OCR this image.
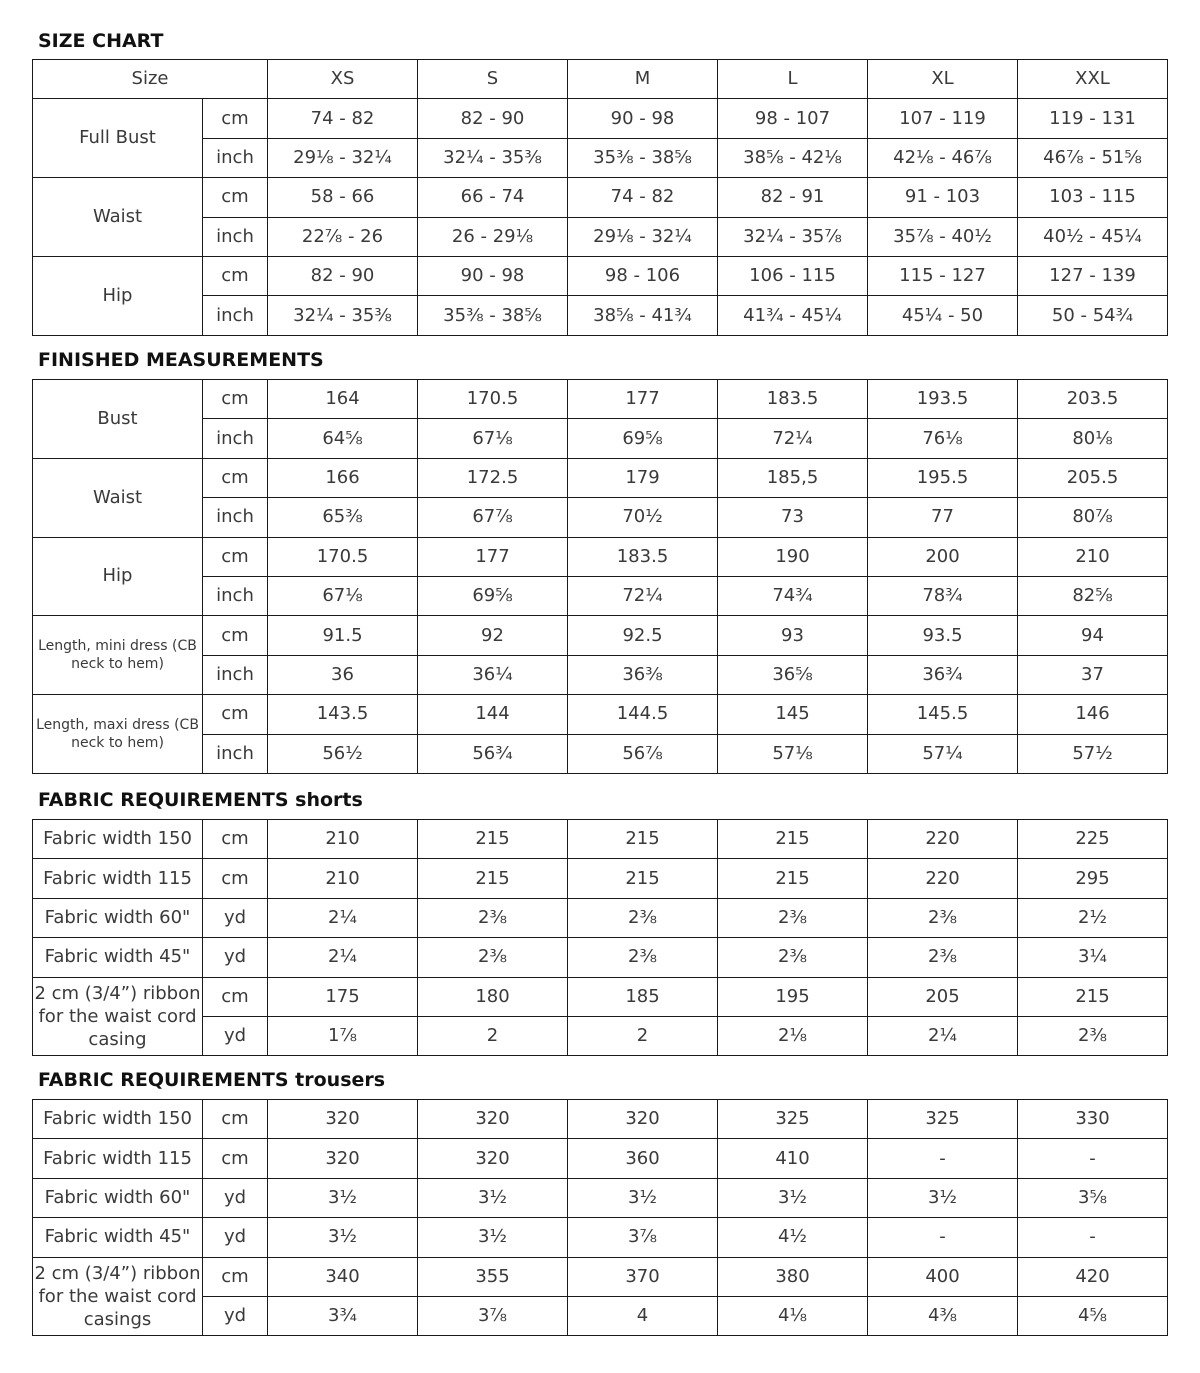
SIZE CHART
Size		XS	S	M	L	XL	XXL
Full Bust	cm	74 - 82	82 - 90	90 - 98	98 - 107	107 - 119	119 - 131
	inch	29⅛ - 32¼	32¼ - 35⅜	35⅜ - 38⅝	38⅝ - 42⅛	42⅛ - 46⅞	46⅞ - 51⅝
Waist	cm	58 - 66	66 - 74	74 - 82	82 - 91	91 - 103	103 - 115
	inch	22⅞ - 26	26 - 29⅛	29⅛ - 32¼	32¼ - 35⅞	35⅞ - 40½	40½ - 45¼
Hip	cm	82 - 90	90 - 98	98 - 106	106 - 115	115 - 127	127 - 139
	inch	32¼ - 35⅜	35⅜ - 38⅝	38⅝ - 41¾	41¾ - 45¼	45¼ - 50	50 - 54¾
FINISHED MEASUREMENTS
Bust	cm	164	170.5	177	183.5	193.5	203.5
	inch	64⅝	67⅛	69⅝	72¼	76⅛	80⅛
Waist	cm	166	172.5	179	185,5	195.5	205.5
	inch	65⅜	67⅞	70½	73	77	80⅞
Hip	cm	170.5	177	183.5	190	200	210
	inch	67⅛	69⅝	72¼	74¾	78¾	82⅝
Length, mini dress (CB neck to hem)	cm	91.5	92	92.5	93	93.5	94
	inch	36	36¼	36⅜	36⅝	36¾	37
Length, maxi dress (CB neck to hem)	cm	143.5	144	144.5	145	145.5	146
	inch	56½	56¾	56⅞	57⅛	57¼	57½
FABRIC REQUIREMENTS shorts
Fabric width 150	cm	210	215	215	215	220	225
Fabric width 115	cm	210	215	215	215	220	295
Fabric width 60"	yd	2¼	2⅜	2⅜	2⅜	2⅜	2½
Fabric width 45"	yd	2¼	2⅜	2⅜	2⅜	2⅜	3¼
2 cm (3/4”) ribbon for the waist cord casing	cm	175	180	185	195	205	215
	yd	1⅞	2	2	2⅛	2¼	2⅜
FABRIC REQUIREMENTS trousers
Fabric width 150	cm	320	320	320	325	325	330
Fabric width 115	cm	320	320	360	410	-	-
Fabric width 60"	yd	3½	3½	3½	3½	3½	3⅝
Fabric width 45"	yd	3½	3½	3⅞	4½	-	-
2 cm (3/4”) ribbon for the waist cord casings	cm	340	355	370	380	400	420
	yd	3¾	3⅞	4	4⅛	4⅜	4⅝
